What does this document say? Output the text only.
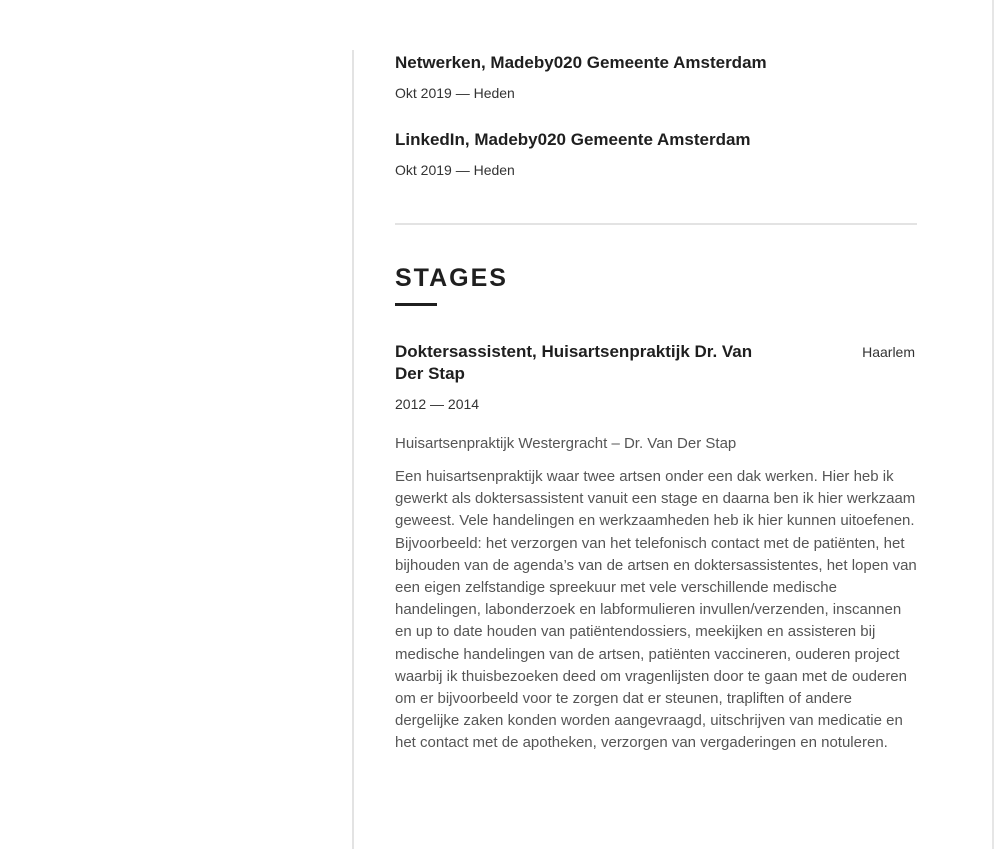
Netwerken, Madeby020 Gemeente Amsterdam
Okt 2019 — Heden
LinkedIn, Madeby020 Gemeente Amsterdam
Okt 2019 — Heden
STAGES
Doktersassistent, Huisartsenpraktijk Dr. Van Der Stap
Haarlem
2012 — 2014
Huisartsenpraktijk Westergracht – Dr. Van Der Stap
Een huisartsenpraktijk waar twee artsen onder een dak werken. Hier heb ik gewerkt als doktersassistent vanuit een stage en daarna ben ik hier werkzaam geweest. Vele handelingen en werkzaamheden heb ik hier kunnen uitoefenen. Bijvoorbeeld: het verzorgen van het telefonisch contact met de patiënten, het bijhouden van de agenda’s van de artsen en doktersassistentes, het lopen van een eigen zelfstandige spreekuur met vele verschillende medische handelingen, labonderzoek en labformulieren invullen/verzenden, inscannen en up to date houden van patiëntendossiers, meekijken en assisteren bij medische handelingen van de artsen, patiënten vaccineren, ouderen project waarbij ik thuisbezoeken deed om vragenlijsten door te gaan met de ouderen om er bijvoorbeeld voor te zorgen dat er steunen, trapliften of andere dergelijke zaken konden worden aangevraagd, uitschrijven van medicatie en het contact met de apotheken, verzorgen van vergaderingen en notuleren.
